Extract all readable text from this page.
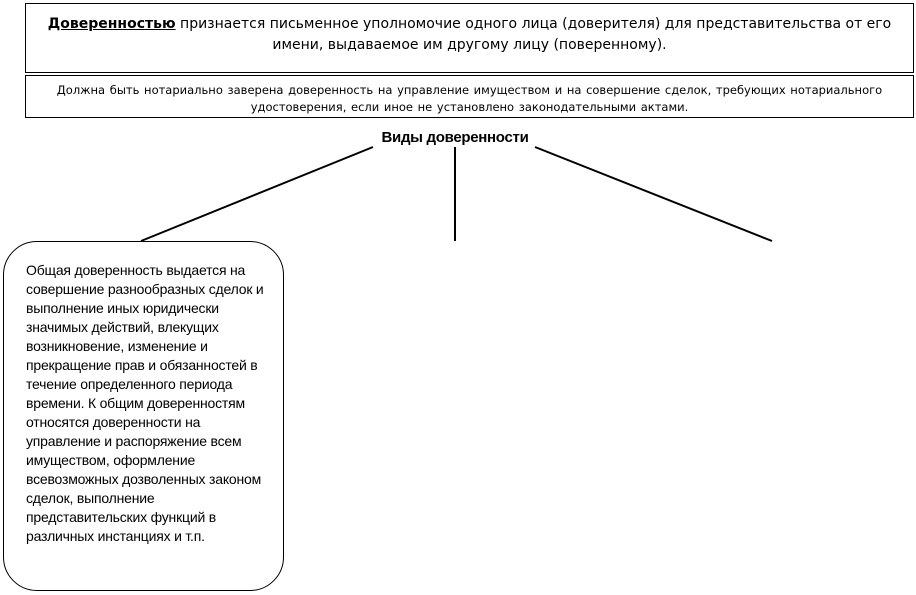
Доверенностью признается письменное уполномочие одного лица (доверителя) для представительства от его имени, выдаваемое им другому лицу (поверенному).
Должна быть нотариально заверена доверенность на управление имуществом и на совершение сделок, требующих нотариального удостоверения, если иное не установлено законодательными актами.
Виды доверенности
Общая доверенность выдается на совершение разнообразных сделок и выполнение иных юридически значимых действий, влекущих возникновение, изменение и прекращение прав и обязанностей в течение определенного периода времени. К общим доверенностям относятся доверенности на управление и распоряжение всем имуществом, оформление всевозможных дозволенных законом сделок, выполнение представительских функций в различных инстанциях и т.п.
